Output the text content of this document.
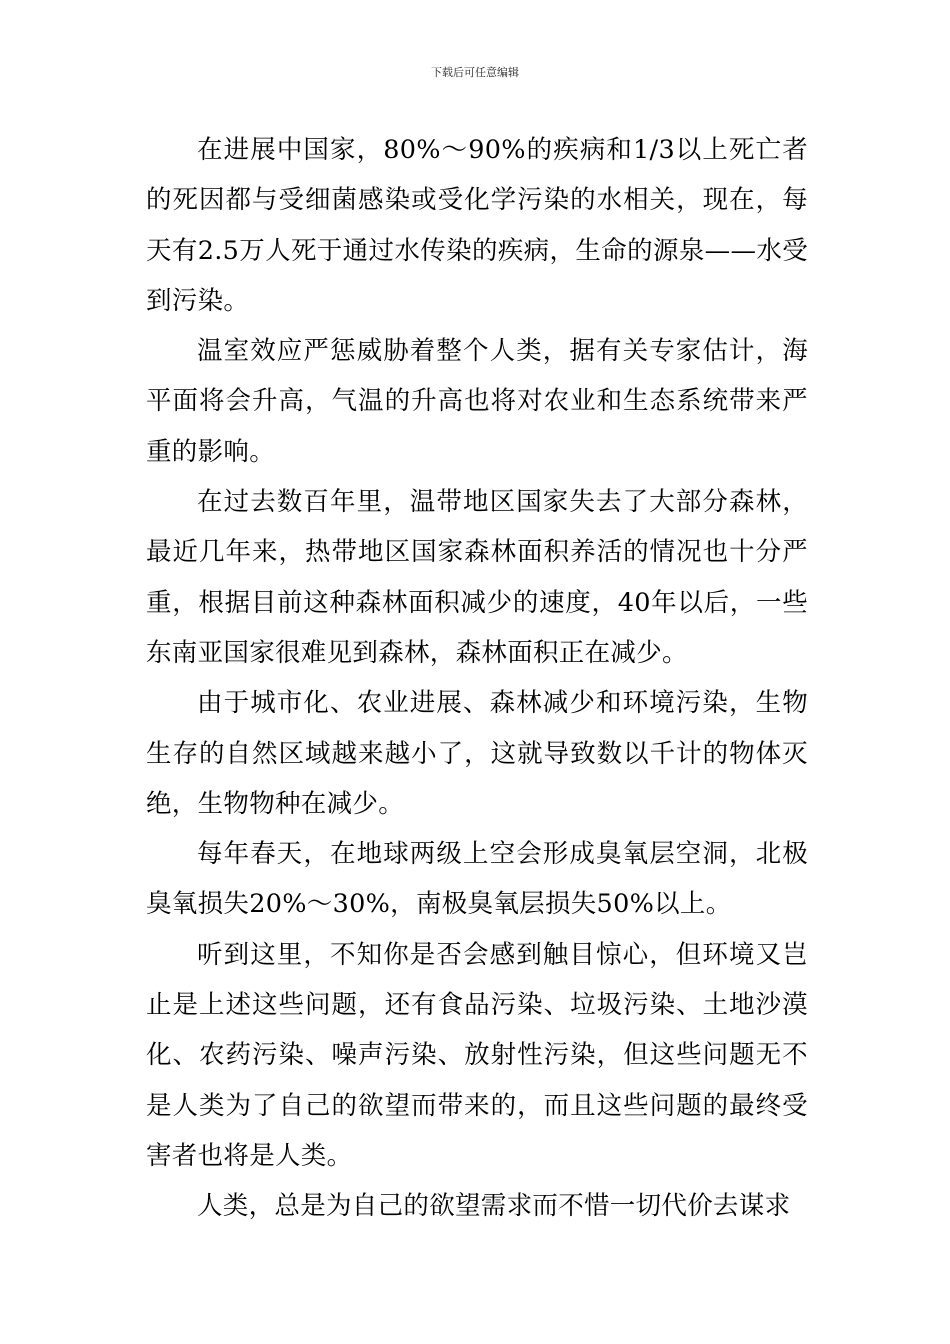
下载后可任意编辑

在进展中国家，80%～90%的疾病和1/3以上死亡者的死因都与受细菌感染或受化学污染的水相关，现在，每天有2.5万人死于通过水传染的疾病，生命的源泉——水受到污染。

温室效应严惩威胁着整个人类，据有关专家估计，海平面将会升高，气温的升高也将对农业和生态系统带来严重的影响。

在过去数百年里，温带地区国家失去了大部分森林，最近几年来，热带地区国家森林面积养活的情况也十分严重，根据目前这种森林面积减少的速度，40年以后，一些东南亚国家很难见到森林，森林面积正在减少。

由于城市化、农业进展、森林减少和环境污染，生物生存的自然区域越来越小了，这就导致数以千计的物体灭绝，生物物种在减少。

每年春天，在地球两级上空会形成臭氧层空洞，北极臭氧损失20%～30%，南极臭氧层损失50%以上。

听到这里，不知你是否会感到触目惊心，但环境又岂止是上述这些问题，还有食品污染、垃圾污染、土地沙漠化、农药污染、噪声污染、放射性污染，但这些问题无不是人类为了自己的欲望而带来的，而且这些问题的最终受害者也将是人类。

人类，总是为自己的欲望需求而不惜一切代价去谋求
